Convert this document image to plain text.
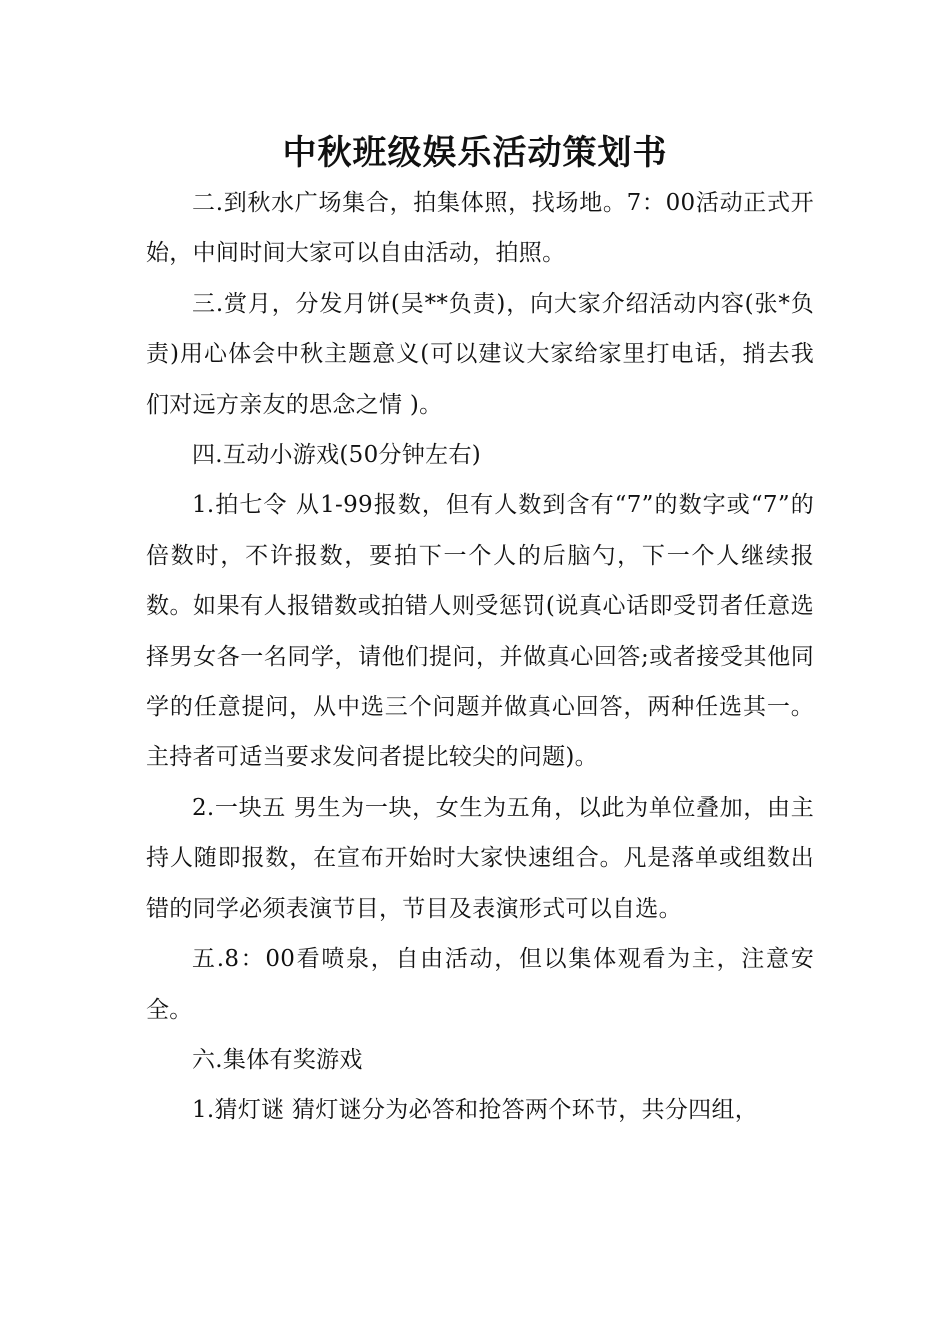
中秋班级娱乐活动策划书

二.到秋水广场集合，拍集体照，找场地。7：00活动正式开始，中间时间大家可以自由活动，拍照。

三.赏月，分发月饼(吴**负责)，向大家介绍活动内容(张*负责)用心体会中秋主题意义(可以建议大家给家里打电话，捎去我们对远方亲友的思念之情 )。

四.互动小游戏(50分钟左右)

1.拍七令 从1-99报数，但有人数到含有“7”的数字或“7”的倍数时，不许报数，要拍下一个人的后脑勺，下一个人继续报数。如果有人报错数或拍错人则受惩罚(说真心话即受罚者任意选择男女各一名同学，请他们提问，并做真心回答;或者接受其他同学的任意提问，从中选三个问题并做真心回答，两种任选其一。主持者可适当要求发问者提比较尖的问题)。

2.一块五 男生为一块，女生为五角，以此为单位叠加，由主持人随即报数，在宣布开始时大家快速组合。凡是落单或组数出错的同学必须表演节目，节目及表演形式可以自选。

五.8：00看喷泉，自由活动，但以集体观看为主，注意安全。

六.集体有奖游戏

1.猜灯谜 猜灯谜分为必答和抢答两个环节，共分四组，
